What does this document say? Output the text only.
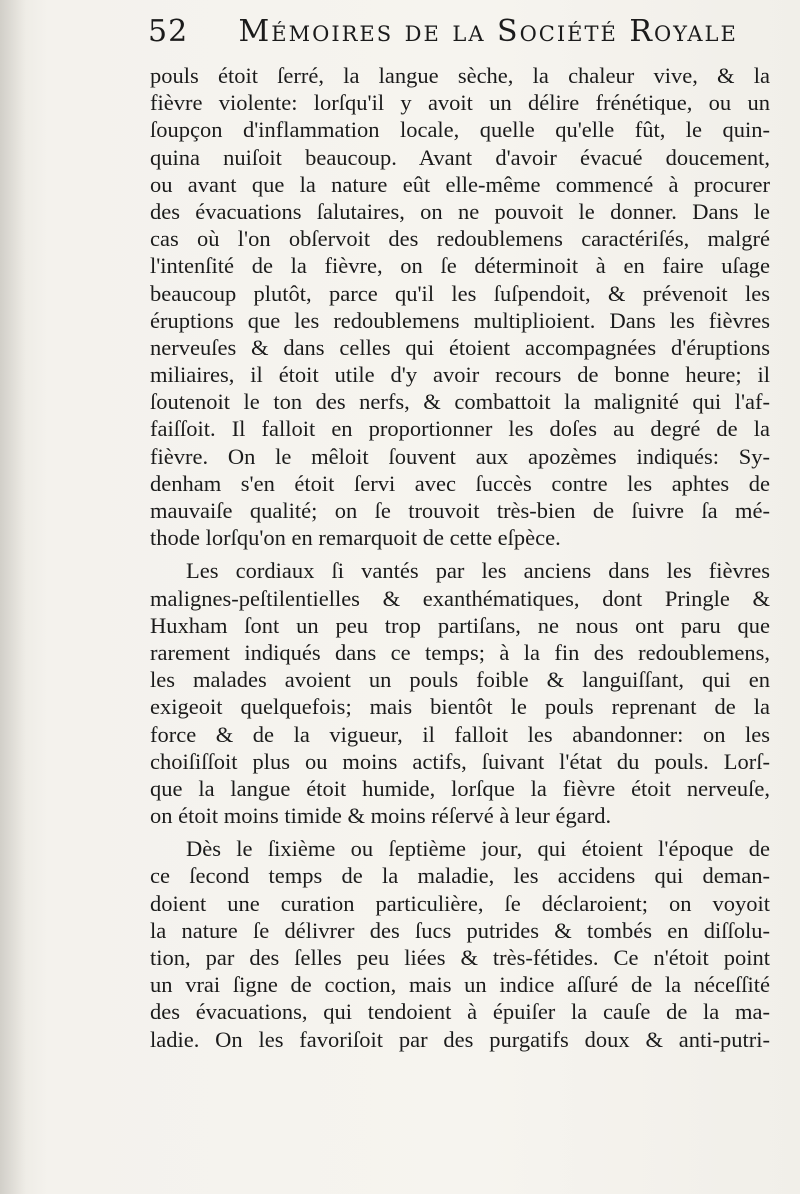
52 Mémoires de la Société Royale
pouls étoit ſerré, la langue sèche, la chaleur vive, & la
fièvre violente: lorſqu'il y avoit un délire frénétique, ou un
ſoupçon d'inflammation locale, quelle qu'elle fût, le quin-
quina nuiſoit beaucoup. Avant d'avoir évacué doucement,
ou avant que la nature eût elle-même commencé à procurer
des évacuations ſalutaires, on ne pouvoit le donner. Dans le
cas où l'on obſervoit des redoublemens caractériſés, malgré
l'intenſité de la fièvre, on ſe déterminoit à en faire uſage
beaucoup plutôt, parce qu'il les ſuſpendoit, & prévenoit les
éruptions que les redoublemens multiplioient. Dans les fièvres
nerveuſes & dans celles qui étoient accompagnées d'éruptions
miliaires, il étoit utile d'y avoir recours de bonne heure; il
ſoutenoit le ton des nerfs, & combattoit la malignité qui l'af-
faiſſoit. Il falloit en proportionner les doſes au degré de la
fièvre. On le mêloit ſouvent aux apozèmes indiqués: Sy-
denham s'en étoit ſervi avec ſuccès contre les aphtes de
mauvaiſe qualité; on ſe trouvoit très-bien de ſuivre ſa mé-
thode lorſqu'on en remarquoit de cette eſpèce.
Les cordiaux ſi vantés par les anciens dans les fièvres
malignes-peſtilentielles & exanthématiques, dont Pringle &
Huxham ſont un peu trop partiſans, ne nous ont paru que
rarement indiqués dans ce temps; à la fin des redoublemens,
les malades avoient un pouls foible & languiſſant, qui en
exigeoit quelquefois; mais bientôt le pouls reprenant de la
force & de la vigueur, il falloit les abandonner: on les
choiſiſſoit plus ou moins actifs, ſuivant l'état du pouls. Lorſ-
que la langue étoit humide, lorſque la fièvre étoit nerveuſe,
on étoit moins timide & moins réſervé à leur égard.
Dès le ſixième ou ſeptième jour, qui étoient l'époque de
ce ſecond temps de la maladie, les accidens qui deman-
doient une curation particulière, ſe déclaroient; on voyoit
la nature ſe délivrer des ſucs putrides & tombés en diſſolu-
tion, par des ſelles peu liées & très-fétides. Ce n'étoit point
un vrai ſigne de coction, mais un indice aſſuré de la néceſſité
des évacuations, qui tendoient à épuiſer la cauſe de la ma-
ladie. On les favoriſoit par des purgatifs doux & anti-putri-
